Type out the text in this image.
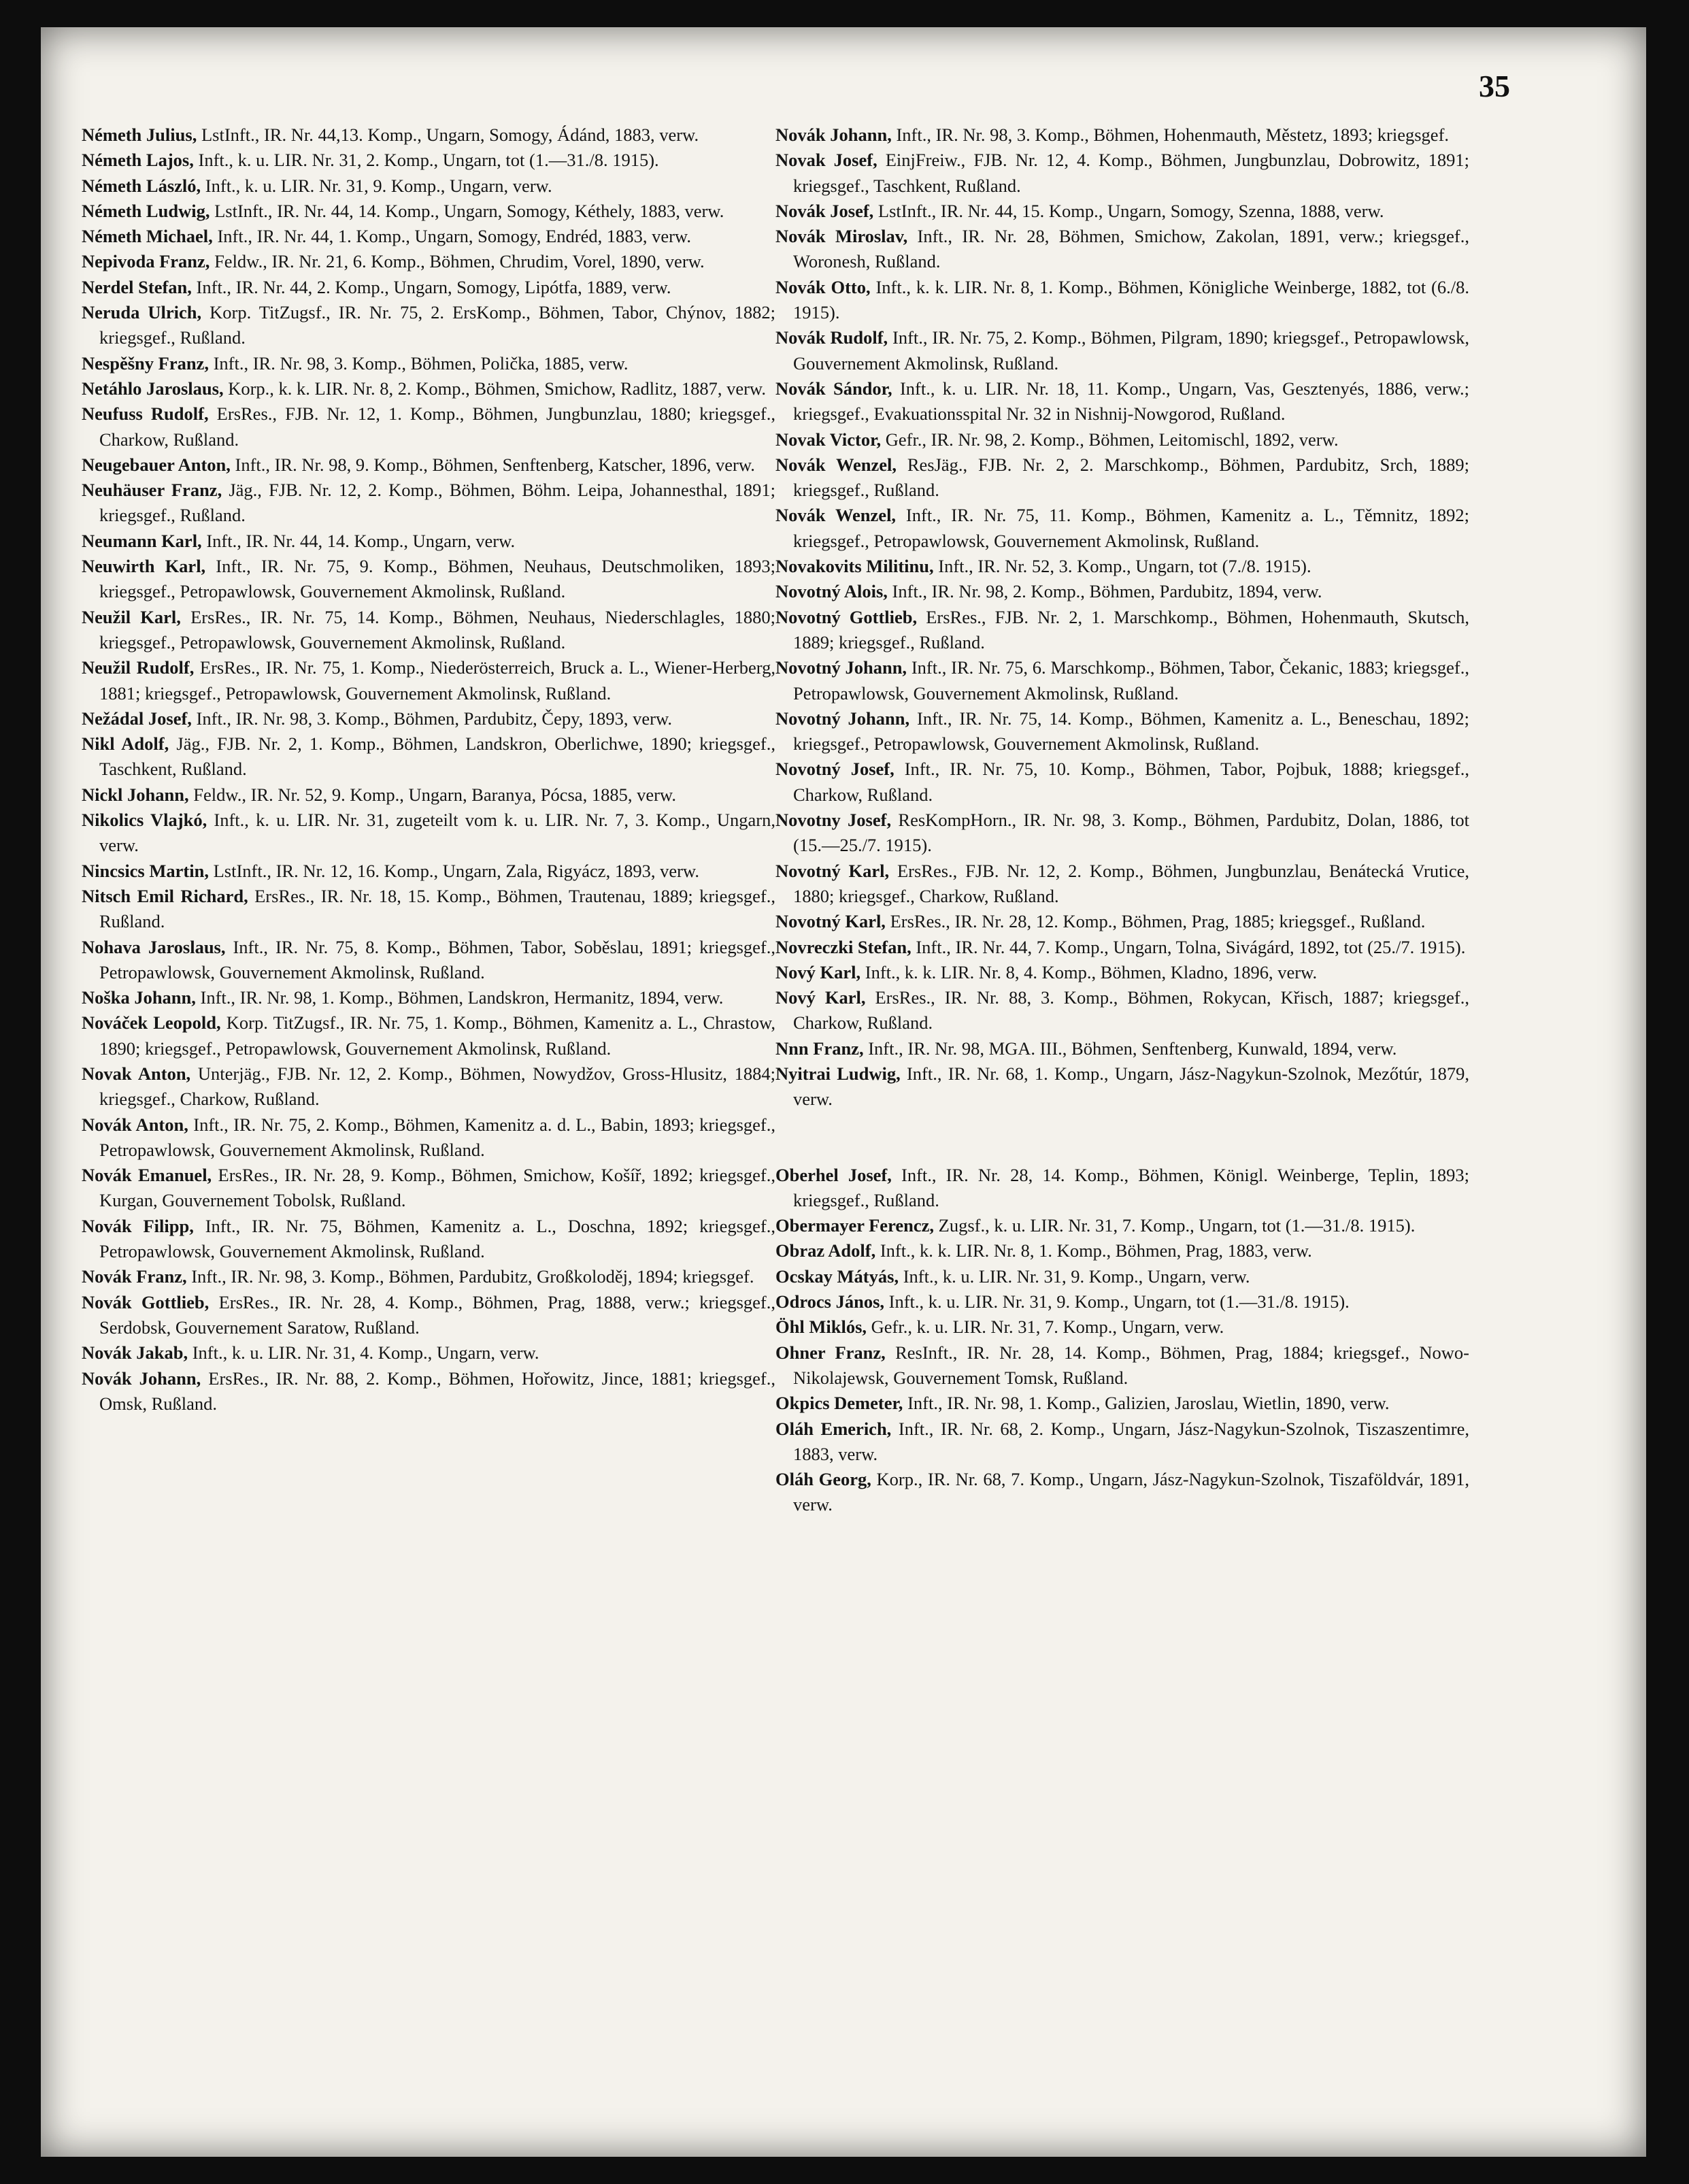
35

Németh Julius, LstInft., IR. Nr. 44,13. Komp., Ungarn, Somogy, Ádánd, 1883, verw.

Németh Lajos, Inft., k. u. LIR. Nr. 31, 2. Komp., Ungarn, tot (1.—31./8. 1915).

Németh László, Inft., k. u. LIR. Nr. 31, 9. Komp., Ungarn, verw.

Németh Ludwig, LstInft., IR. Nr. 44, 14. Komp., Ungarn, Somogy, Kéthely, 1883, verw.

Németh Michael, Inft., IR. Nr. 44, 1. Komp., Ungarn, Somogy, Endréd, 1883, verw.

Nepivoda Franz, Feldw., IR. Nr. 21, 6. Komp., Böhmen, Chrudim, Vorel, 1890, verw.

Nerdel Stefan, Inft., IR. Nr. 44, 2. Komp., Ungarn, Somogy, Lipótfa, 1889, verw.

Neruda Ulrich, Korp. TitZugsf., IR. Nr. 75, 2. ErsKomp., Böhmen, Tabor, Chýnov, 1882; kriegsgef., Rußland.

Nespěšny Franz, Inft., IR. Nr. 98, 3. Komp., Böhmen, Polička, 1885, verw.

Netáhlo Jaroslaus, Korp., k. k. LIR. Nr. 8, 2. Komp., Böhmen, Smichow, Radlitz, 1887, verw.

Neufuss Rudolf, ErsRes., FJB. Nr. 12, 1. Komp., Böhmen, Jungbunzlau, 1880; kriegsgef., Charkow, Rußland.

Neugebauer Anton, Inft., IR. Nr. 98, 9. Komp., Böhmen, Senftenberg, Katscher, 1896, verw.

Neuhäuser Franz, Jäg., FJB. Nr. 12, 2. Komp., Böhmen, Böhm. Leipa, Johannesthal, 1891; kriegsgef., Rußland.

Neumann Karl, Inft., IR. Nr. 44, 14. Komp., Ungarn, verw.

Neuwirth Karl, Inft., IR. Nr. 75, 9. Komp., Böhmen, Neuhaus, Deutschmoliken, 1893; kriegsgef., Petropawlowsk, Gouvernement Akmolinsk, Rußland.

Neužil Karl, ErsRes., IR. Nr. 75, 14. Komp., Böhmen, Neuhaus, Niederschlagles, 1880; kriegsgef., Petropawlowsk, Gouvernement Akmolinsk, Rußland.

Neužil Rudolf, ErsRes., IR. Nr. 75, 1. Komp., Niederösterreich, Bruck a. L., Wiener-Herberg, 1881; kriegsgef., Petropawlowsk, Gouvernement Akmolinsk, Rußland.

Nežádal Josef, Inft., IR. Nr. 98, 3. Komp., Böhmen, Pardubitz, Čepy, 1893, verw.

Nikl Adolf, Jäg., FJB. Nr. 2, 1. Komp., Böhmen, Landskron, Oberlichwe, 1890; kriegsgef., Taschkent, Rußland.

Nickl Johann, Feldw., IR. Nr. 52, 9. Komp., Ungarn, Baranya, Pócsa, 1885, verw.

Nikolics Vlajkó, Inft., k. u. LIR. Nr. 31, zugeteilt vom k. u. LIR. Nr. 7, 3. Komp., Ungarn, verw.

Nincsics Martin, LstInft., IR. Nr. 12, 16. Komp., Ungarn, Zala, Rigyácz, 1893, verw.

Nitsch Emil Richard, ErsRes., IR. Nr. 18, 15. Komp., Böhmen, Trautenau, 1889; kriegsgef., Rußland.

Nohava Jaroslaus, Inft., IR. Nr. 75, 8. Komp., Böhmen, Tabor, Soběslau, 1891; kriegsgef., Petropawlowsk, Gouvernement Akmolinsk, Rußland.

Noška Johann, Inft., IR. Nr. 98, 1. Komp., Böhmen, Landskron, Hermanitz, 1894, verw.

Nováček Leopold, Korp. TitZugsf., IR. Nr. 75, 1. Komp., Böhmen, Kamenitz a. L., Chrastow, 1890; kriegsgef., Petropawlowsk, Gouvernement Akmolinsk, Rußland.

Novak Anton, Unterjäg., FJB. Nr. 12, 2. Komp., Böhmen, Nowydžov, Gross-Hlusitz, 1884; kriegsgef., Charkow, Rußland.

Novák Anton, Inft., IR. Nr. 75, 2. Komp., Böhmen, Kamenitz a. d. L., Babin, 1893; kriegsgef., Petropawlowsk, Gouvernement Akmolinsk, Rußland.

Novák Emanuel, ErsRes., IR. Nr. 28, 9. Komp., Böhmen, Smichow, Košíř, 1892; kriegsgef., Kurgan, Gouvernement Tobolsk, Rußland.

Novák Filipp, Inft., IR. Nr. 75, Böhmen, Kamenitz a. L., Doschna, 1892; kriegsgef., Petropawlowsk, Gouvernement Akmolinsk, Rußland.

Novák Franz, Inft., IR. Nr. 98, 3. Komp., Böhmen, Pardubitz, Großkoloděj, 1894; kriegsgef.

Novák Gottlieb, ErsRes., IR. Nr. 28, 4. Komp., Böhmen, Prag, 1888, verw.; kriegsgef., Serdobsk, Gouvernement Saratow, Rußland.

Novák Jakab, Inft., k. u. LIR. Nr. 31, 4. Komp., Ungarn, verw.

Novák Johann, ErsRes., IR. Nr. 88, 2. Komp., Böhmen, Hořowitz, Jince, 1881; kriegsgef., Omsk, Rußland.

Novák Johann, Inft., IR. Nr. 98, 3. Komp., Böhmen, Hohenmauth, Městetz, 1893; kriegsgef.

Novak Josef, EinjFreiw., FJB. Nr. 12, 4. Komp., Böhmen, Jungbunzlau, Dobrowitz, 1891; kriegsgef., Taschkent, Rußland.

Novák Josef, LstInft., IR. Nr. 44, 15. Komp., Ungarn, Somogy, Szenna, 1888, verw.

Novák Miroslav, Inft., IR. Nr. 28, Böhmen, Smichow, Zakolan, 1891, verw.; kriegsgef., Woronesh, Rußland.

Novák Otto, Inft., k. k. LIR. Nr. 8, 1. Komp., Böhmen, Königliche Weinberge, 1882, tot (6./8. 1915).

Novák Rudolf, Inft., IR. Nr. 75, 2. Komp., Böhmen, Pilgram, 1890; kriegsgef., Petropawlowsk, Gouvernement Akmolinsk, Rußland.

Novák Sándor, Inft., k. u. LIR. Nr. 18, 11. Komp., Ungarn, Vas, Gesztenyés, 1886, verw.; kriegsgef., Evakuationsspital Nr. 32 in Nishnij-Nowgorod, Rußland.

Novak Victor, Gefr., IR. Nr. 98, 2. Komp., Böhmen, Leitomischl, 1892, verw.

Novák Wenzel, ResJäg., FJB. Nr. 2, 2. Marschkomp., Böhmen, Pardubitz, Srch, 1889; kriegsgef., Rußland.

Novák Wenzel, Inft., IR. Nr. 75, 11. Komp., Böhmen, Kamenitz a. L., Těmnitz, 1892; kriegsgef., Petropawlowsk, Gouvernement Akmolinsk, Rußland.

Novakovits Militinu, Inft., IR. Nr. 52, 3. Komp., Ungarn, tot (7./8. 1915).

Novotný Alois, Inft., IR. Nr. 98, 2. Komp., Böhmen, Pardubitz, 1894, verw.

Novotný Gottlieb, ErsRes., FJB. Nr. 2, 1. Marschkomp., Böhmen, Hohenmauth, Skutsch, 1889; kriegsgef., Rußland.

Novotný Johann, Inft., IR. Nr. 75, 6. Marschkomp., Böhmen, Tabor, Čekanic, 1883; kriegsgef., Petropawlowsk, Gouvernement Akmolinsk, Rußland.

Novotný Johann, Inft., IR. Nr. 75, 14. Komp., Böhmen, Kamenitz a. L., Beneschau, 1892; kriegsgef., Petropawlowsk, Gouvernement Akmolinsk, Rußland.

Novotný Josef, Inft., IR. Nr. 75, 10. Komp., Böhmen, Tabor, Pojbuk, 1888; kriegsgef., Charkow, Rußland.

Novotny Josef, ResKompHorn., IR. Nr. 98, 3. Komp., Böhmen, Pardubitz, Dolan, 1886, tot (15.—25./7. 1915).

Novotný Karl, ErsRes., FJB. Nr. 12, 2. Komp., Böhmen, Jungbunzlau, Benátecká Vrutice, 1880; kriegsgef., Charkow, Rußland.

Novotný Karl, ErsRes., IR. Nr. 28, 12. Komp., Böhmen, Prag, 1885; kriegsgef., Rußland.

Novreczki Stefan, Inft., IR. Nr. 44, 7. Komp., Ungarn, Tolna, Sivágárd, 1892, tot (25./7. 1915).

Nový Karl, Inft., k. k. LIR. Nr. 8, 4. Komp., Böhmen, Kladno, 1896, verw.

Nový Karl, ErsRes., IR. Nr. 88, 3. Komp., Böhmen, Rokycan, Křisch, 1887; kriegsgef., Charkow, Rußland.

Nnn Franz, Inft., IR. Nr. 98, MGA. III., Böhmen, Senftenberg, Kunwald, 1894, verw.

Nyitrai Ludwig, Inft., IR. Nr. 68, 1. Komp., Ungarn, Jász-Nagykun-Szolnok, Mezőtúr, 1879, verw.

Oberhel Josef, Inft., IR. Nr. 28, 14. Komp., Böhmen, Königl. Weinberge, Teplin, 1893; kriegsgef., Rußland.

Obermayer Ferencz, Zugsf., k. u. LIR. Nr. 31, 7. Komp., Ungarn, tot (1.—31./8. 1915).

Obraz Adolf, Inft., k. k. LIR. Nr. 8, 1. Komp., Böhmen, Prag, 1883, verw.

Ocskay Mátyás, Inft., k. u. LIR. Nr. 31, 9. Komp., Ungarn, verw.

Odrocs János, Inft., k. u. LIR. Nr. 31, 9. Komp., Ungarn, tot (1.—31./8. 1915).

Öhl Miklós, Gefr., k. u. LIR. Nr. 31, 7. Komp., Ungarn, verw.

Ohner Franz, ResInft., IR. Nr. 28, 14. Komp., Böhmen, Prag, 1884; kriegsgef., Nowo-Nikolajewsk, Gouvernement Tomsk, Rußland.

Okpics Demeter, Inft., IR. Nr. 98, 1. Komp., Galizien, Jaroslau, Wietlin, 1890, verw.

Oláh Emerich, Inft., IR. Nr. 68, 2. Komp., Ungarn, Jász-Nagykun-Szolnok, Tiszaszentimre, 1883, verw.

Oláh Georg, Korp., IR. Nr. 68, 7. Komp., Ungarn, Jász-Nagykun-Szolnok, Tiszaföldvár, 1891, verw.
